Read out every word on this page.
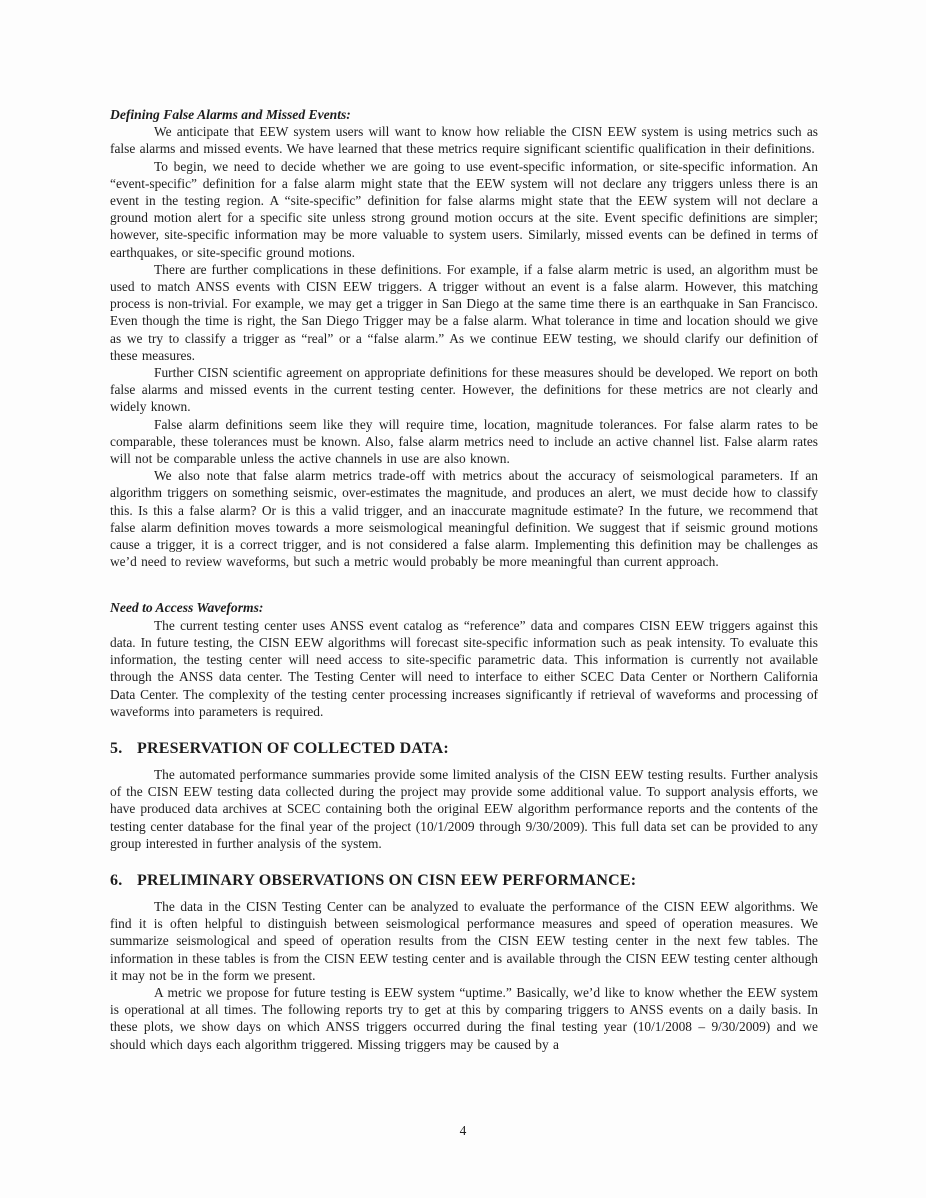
Defining False Alarms and Missed Events:

We anticipate that EEW system users will want to know how reliable the CISN EEW system is using metrics such as false alarms and missed events. We have learned that these metrics require significant scientific qualification in their definitions.

To begin, we need to decide whether we are going to use event-specific information, or site-specific information. An “event-specific” definition for a false alarm might state that the EEW system will not declare any triggers unless there is an event in the testing region. A “site-specific” definition for false alarms might state that the EEW system will not declare a ground motion alert for a specific site unless strong ground motion occurs at the site. Event specific definitions are simpler; however, site-specific information may be more valuable to system users. Similarly, missed events can be defined in terms of earthquakes, or site-specific ground motions.

There are further complications in these definitions. For example, if a false alarm metric is used, an algorithm must be used to match ANSS events with CISN EEW triggers. A trigger without an event is a false alarm. However, this matching process is non-trivial. For example, we may get a trigger in San Diego at the same time there is an earthquake in San Francisco. Even though the time is right, the San Diego Trigger may be a false alarm. What tolerance in time and location should we give as we try to classify a trigger as “real” or a “false alarm.” As we continue EEW testing, we should clarify our definition of these measures.

Further CISN scientific agreement on appropriate definitions for these measures should be developed. We report on both false alarms and missed events in the current testing center. However, the definitions for these metrics are not clearly and widely known.

False alarm definitions seem like they will require time, location, magnitude tolerances. For false alarm rates to be comparable, these tolerances must be known. Also, false alarm metrics need to include an active channel list. False alarm rates will not be comparable unless the active channels in use are also known.

We also note that false alarm metrics trade-off with metrics about the accuracy of seismological parameters. If an algorithm triggers on something seismic, over-estimates the magnitude, and produces an alert, we must decide how to classify this. Is this a false alarm? Or is this a valid trigger, and an inaccurate magnitude estimate? In the future, we recommend that false alarm definition moves towards a more seismological meaningful definition. We suggest that if seismic ground motions cause a trigger, it is a correct trigger, and is not considered a false alarm. Implementing this definition may be challenges as we’d need to review waveforms, but such a metric would probably be more meaningful than current approach.

Need to Access Waveforms:

The current testing center uses ANSS event catalog as “reference” data and compares CISN EEW triggers against this data. In future testing, the CISN EEW algorithms will forecast site-specific information such as peak intensity. To evaluate this information, the testing center will need access to site-specific parametric data. This information is currently not available through the ANSS data center. The Testing Center will need to interface to either SCEC Data Center or Northern California Data Center. The complexity of the testing center processing increases significantly if retrieval of waveforms and processing of waveforms into parameters is required.

5. PRESERVATION OF COLLECTED DATA:

The automated performance summaries provide some limited analysis of the CISN EEW testing results. Further analysis of the CISN EEW testing data collected during the project may provide some additional value. To support analysis efforts, we have produced data archives at SCEC containing both the original EEW algorithm performance reports and the contents of the testing center database for the final year of the project (10/1/2009 through 9/30/2009). This full data set can be provided to any group interested in further analysis of the system.

6. PRELIMINARY OBSERVATIONS ON CISN EEW PERFORMANCE:

The data in the CISN Testing Center can be analyzed to evaluate the performance of the CISN EEW algorithms. We find it is often helpful to distinguish between seismological performance measures and speed of operation measures. We summarize seismological and speed of operation results from the CISN EEW testing center in the next few tables. The information in these tables is from the CISN EEW testing center and is available through the CISN EEW testing center although it may not be in the form we present.

A metric we propose for future testing is EEW system “uptime.” Basically, we’d like to know whether the EEW system is operational at all times. The following reports try to get at this by comparing triggers to ANSS events on a daily basis. In these plots, we show days on which ANSS triggers occurred during the final testing year (10/1/2008 – 9/30/2009) and we should which days each algorithm triggered. Missing triggers may be caused by a

4
